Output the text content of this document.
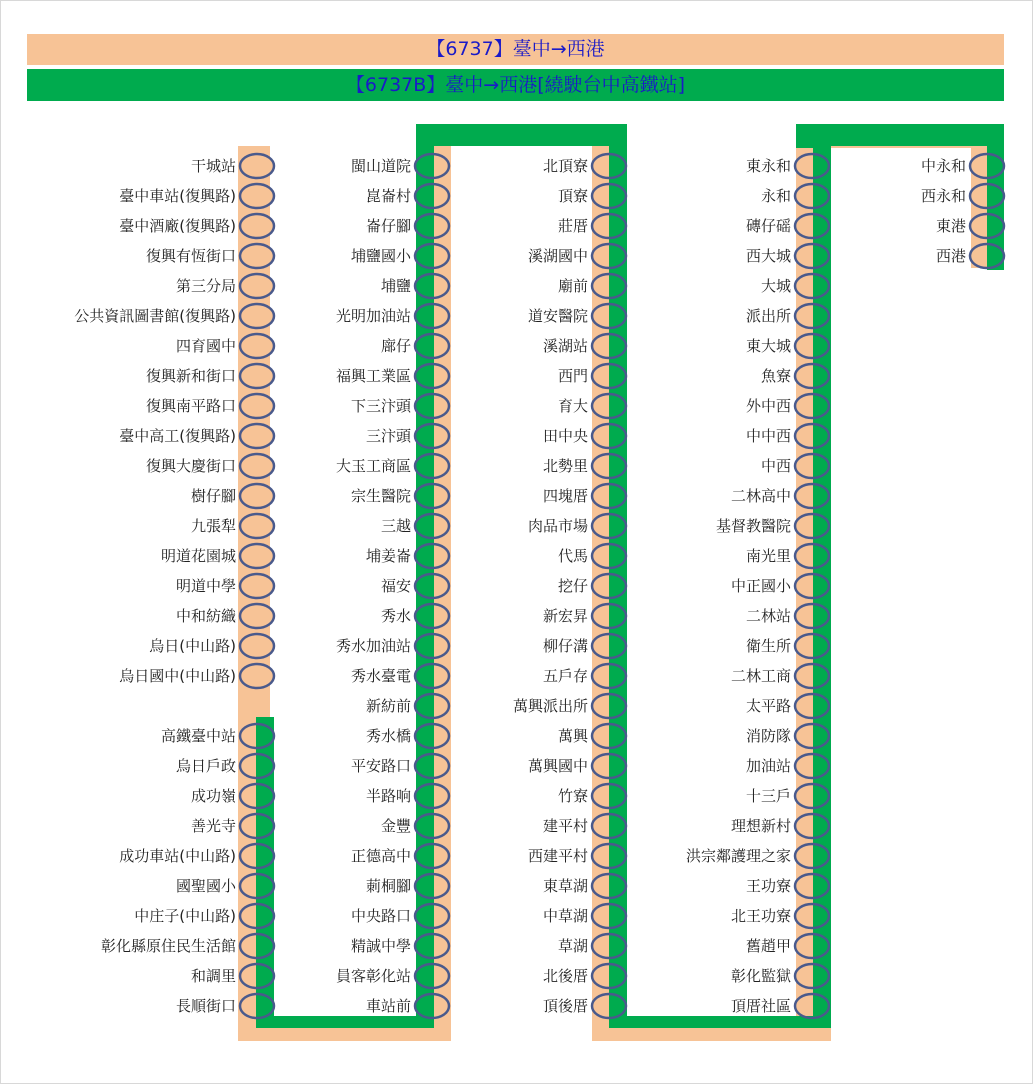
【6737】臺中→西港
【6737B】臺中→西港[繞駛台中高鐵站]
干城站
臺中車站(復興路)
臺中酒廠(復興路)
復興有恆街口
第三分局
公共資訊圖書館(復興路)
四育國中
復興新和街口
復興南平路口
臺中高工(復興路)
復興大慶街口
樹仔腳
九張犁
明道花園城
明道中學
中和紡織
烏日(中山路)
烏日國中(中山路)
高鐵臺中站
烏日戶政
成功嶺
善光寺
成功車站(中山路)
國聖國小
中庄子(中山路)
彰化縣原住民生活館
和調里
長順街口
閩山道院
崑崙村
崙仔腳
埔鹽國小
埔鹽
光明加油站
廍仔
福興工業區
下三汴頭
三汴頭
大玉工商區
宗生醫院
三越
埔姜崙
福安
秀水
秀水加油站
秀水臺電
新紡前
秀水橋
平安路口
半路响
金豐
正德高中
莿桐腳
中央路口
精誠中學
員客彰化站
車站前
北頂寮
頂寮
莊厝
溪湖國中
廟前
道安醫院
溪湖站
西門
育大
田中央
北勢里
四塊厝
肉品市場
代馬
挖仔
新宏昇
柳仔溝
五戶存
萬興派出所
萬興
萬興國中
竹寮
建平村
西建平村
東草湖
中草湖
草湖
北後厝
頂後厝
東永和
永和
磚仔磘
西大城
大城
派出所
東大城
魚寮
外中西
中中西
中西
二林高中
基督教醫院
南光里
中正國小
二林站
衛生所
二林工商
太平路
消防隊
加油站
十三戶
理想新村
洪宗鄰護理之家
王功寮
北王功寮
舊趙甲
彰化監獄
頂厝社區
中永和
西永和
東港
西港
